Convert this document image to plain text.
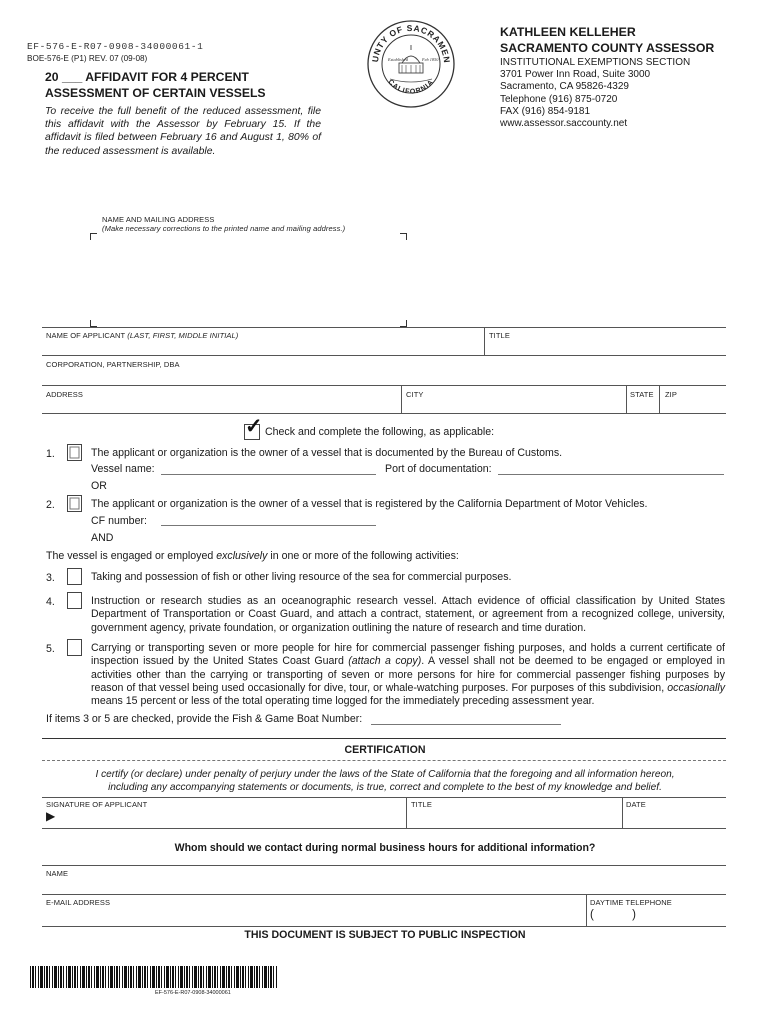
EF-576-E-R07-0908-34000061-1
BOE-576-E (P1) REV. 07 (09-08)
20 ___ AFFIDAVIT FOR 4 PERCENT
ASSESSMENT OF CERTAIN VESSELS
To receive the full benefit of the reduced assessment, file this affidavit with the Assessor by February 15. If the affidavit is filed between February 16 and August 1, 80% of the reduced assessment is available.
UNTY OF SACRAMEN
CALIFORNIA
Established	Feb 1850
KATHLEEN KELLEHER
SACRAMENTO COUNTY ASSESSOR
INSTITUTIONAL EXEMPTIONS SECTION
3701 Power Inn Road, Suite 3000
Sacramento, CA 95826-4329
Telephone (916) 875-0720
FAX (916) 854-9181
www.assessor.saccounty.net
NAME AND MAILING ADDRESS
(Make necessary corrections to the printed name and mailing address.)
NAME OF APPLICANT (LAST, FIRST, MIDDLE INITIAL)	TITLE
CORPORATION, PARTNERSHIP, DBA
ADDRESS	CITY	STATE ZIP
✓ Check and complete the following, as applicable:
1.	The applicant or organization is the owner of a vessel that is documented by the Bureau of Customs.
Vessel name:	Port of documentation:
OR
2.	The applicant or organization is the owner of a vessel that is registered by the California Department of Motor Vehicles.
CF number:
AND
The vessel is engaged or employed exclusively in one or more of the following activities:
3.	Taking and possession of fish or other living resource of the sea for commercial purposes.
4.	Instruction or research studies as an oceanographic research vessel. Attach evidence of official classification by United States Department of Transportation or Coast Guard, and attach a contract, statement, or agreement from a recognized college, university, government agency, private foundation, or organization outlining the nature of research and time duration.
5.	Carrying or transporting seven or more people for hire for commercial passenger fishing purposes, and holds a current certificate of inspection issued by the United States Coast Guard (attach a copy). A vessel shall not be deemed to be engaged or employed in activities other than the carrying or transporting of seven or more persons for hire for commercial passenger fishing purposes by reason of that vessel being used occasionally for dive, tour, or whale-watching purposes. For purposes of this subdivision, occasionally means 15 percent or less of the total operating time logged for the immediately preceding assessment year.
If items 3 or 5 are checked, provide the Fish & Game Boat Number:
CERTIFICATION
I certify (or declare) under penalty of perjury under the laws of the State of California that the foregoing and all information hereon,
including any accompanying statements or documents, is true, correct and complete to the best of my knowledge and belief.
SIGNATURE OF APPLICANT
▶
TITLE	DATE
Whom should we contact during normal business hours for additional information?
NAME
E-MAIL ADDRESS	DAYTIME TELEPHONE
(            )
THIS DOCUMENT IS SUBJECT TO PUBLIC INSPECTION
EF-576-E-R07-0908-34000061
